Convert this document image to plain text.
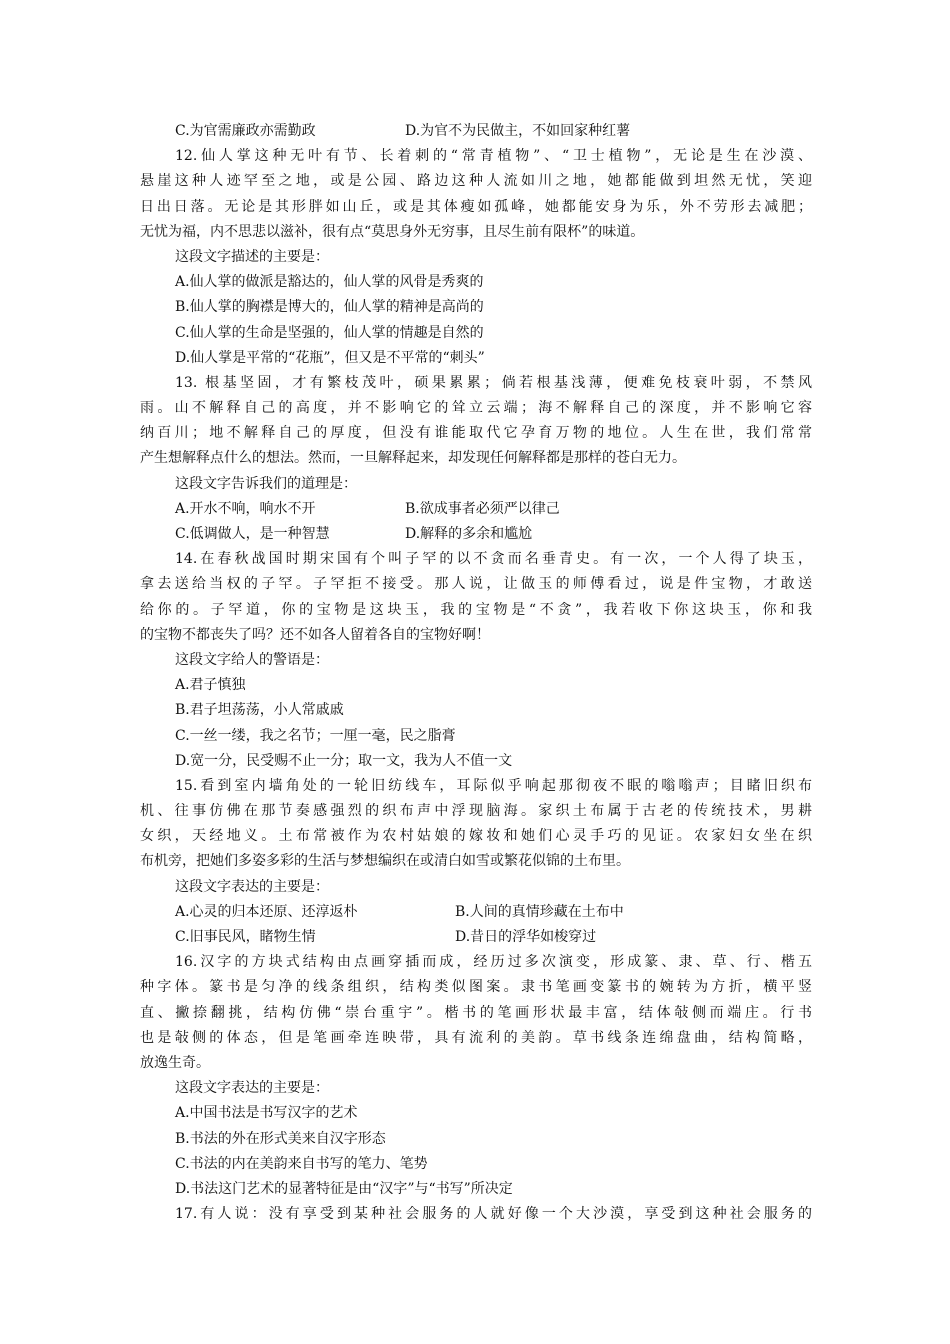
C.为官需廉政亦需勤政	D.为官不为民做主，不如回家种红薯
12.仙人掌这种无叶有节、长着刺的“常青植物”、“卫士植物”，无论是生在沙漠、
悬崖这种人迹罕至之地，或是公园、路边这种人流如川之地，她都能做到坦然无忧，笑迎
日出日落。无论是其形胖如山丘，或是其体瘦如孤峰，她都能安身为乐，外不劳形去减肥；
无忧为福，内不思悲以滋补，很有点“莫思身外无穷事，且尽生前有限杯”的味道。
这段文字描述的主要是：
A.仙人掌的做派是豁达的，仙人掌的风骨是秀爽的
B.仙人掌的胸襟是博大的，仙人掌的精神是高尚的
C.仙人掌的生命是坚强的，仙人掌的情趣是自然的
D.仙人掌是平常的“花瓶”，但又是不平常的“刺头”
13. 根基坚固，才有繁枝茂叶，硕果累累；倘若根基浅薄，便难免枝衰叶弱，不禁风
雨。山不解释自己的高度，并不影响它的耸立云端；海不解释自己的深度，并不影响它容
纳百川；地不解释自己的厚度，但没有谁能取代它孕育万物的地位。人生在世，我们常常
产生想解释点什么的想法。然而，一旦解释起来，却发现任何解释都是那样的苍白无力。
这段文字告诉我们的道理是：
A.开水不响，响水不开	B.欲成事者必须严以律己
C.低调做人，是一种智慧	D.解释的多余和尴尬
14.在春秋战国时期宋国有个叫子罕的以不贪而名垂青史。有一次，一个人得了块玉，
拿去送给当权的子罕。子罕拒不接受。那人说，让做玉的师傅看过，说是件宝物，才敢送
给你的。子罕道，你的宝物是这块玉，我的宝物是“不贪”，我若收下你这块玉，你和我
的宝物不都丧失了吗？还不如各人留着各自的宝物好啊！
这段文字给人的警语是：
A.君子慎独
B.君子坦荡荡，小人常戚戚
C.一丝一缕，我之名节；一厘一毫，民之脂膏
D.宽一分，民受赐不止一分；取一文，我为人不值一文
15.看到室内墙角处的一轮旧纺线车，耳际似乎响起那彻夜不眠的嗡嗡声；目睹旧织布
机、往事仿佛在那节奏感强烈的织布声中浮现脑海。家织土布属于古老的传统技术，男耕
女织，天经地义。土布常被作为农村姑娘的嫁妆和她们心灵手巧的见证。农家妇女坐在织
布机旁，把她们多姿多彩的生活与梦想编织在或清白如雪或繁花似锦的土布里。
这段文字表达的主要是：
A.心灵的归本还原、还淳返朴	B.人间的真情珍藏在土布中
C.旧事民风，睹物生情	D.昔日的浮华如梭穿过
16.汉字的方块式结构由点画穿插而成，经历过多次演变，形成篆、隶、草、行、楷五
种字体。篆书是匀净的线条组织，结构类似图案。隶书笔画变篆书的婉转为方折，横平竖
直、撇捺翻挑，结构仿佛“崇台重宇”。楷书的笔画形状最丰富，结体敧侧而端庄。行书
也是敧侧的体态，但是笔画牵连映带，具有流利的美韵。草书线条连绵盘曲，结构简略，
放逸生奇。
这段文字表达的主要是：
A.中国书法是书写汉字的艺术
B.书法的外在形式美来自汉字形态
C.书法的内在美韵来自书写的笔力、笔势
D.书法这门艺术的显著特征是由“汉字”与“书写”所决定
17.有人说：没有享受到某种社会服务的人就好像一个大沙漠，享受到这种社会服务的
